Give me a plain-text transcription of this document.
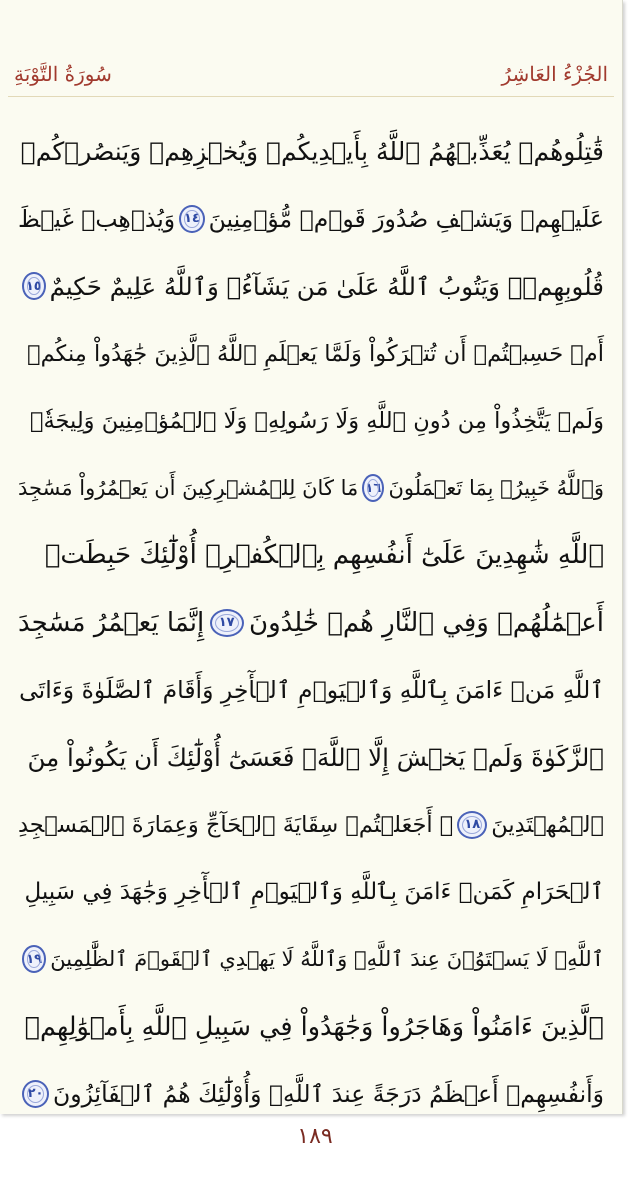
الجُزْءُ العَاشِرُ
سُورَةُ التَّوْبَةِ
قَٰتِلُوهُمۡ يُعَذِّبۡهُمُ ٱللَّهُ بِأَيۡدِيكُمۡ وَيُخۡزِهِمۡ وَيَنصُرۡكُمۡ
عَلَيۡهِمۡ وَيَشۡفِ صُدُورَ قَوۡمٖ مُّؤۡمِنِينَ
١٤
وَيُذۡهِبۡ غَيۡظَ
قُلُوبِهِمۡۗ وَيَتُوبُ ٱللَّهُ عَلَىٰ مَن يَشَآءُۗ وَٱللَّهُ عَلِيمٌ حَكِيمٌ
١٥
أَمۡ حَسِبۡتُمۡ أَن تُتۡرَكُواْ وَلَمَّا يَعۡلَمِ ٱللَّهُ ٱلَّذِينَ جَٰهَدُواْ مِنكُمۡ
وَلَمۡ يَتَّخِذُواْ مِن دُونِ ٱللَّهِ وَلَا رَسُولِهِۦ وَلَا ٱلۡمُؤۡمِنِينَ وَلِيجَةٗۚ
وَٱللَّهُ خَبِيرُۢ بِمَا تَعۡمَلُونَ
١٦
مَا كَانَ لِلۡمُشۡرِكِينَ أَن يَعۡمُرُواْ مَسَٰجِدَ
ٱللَّهِ شَٰهِدِينَ عَلَىٰٓ أَنفُسِهِم بِٱلۡكُفۡرِۚ أُوْلَٰٓئِكَ حَبِطَتۡ
أَعۡمَٰلُهُمۡ وَفِي ٱلنَّارِ هُمۡ خَٰلِدُونَ
١٧
إِنَّمَا يَعۡمُرُ مَسَٰجِدَ
ٱللَّهِ مَنۡ ءَامَنَ بِٱللَّهِ وَٱلۡيَوۡمِ ٱلۡأٓخِرِ وَأَقَامَ ٱلصَّلَوٰةَ وَءَاتَى
ٱلزَّكَوٰةَ وَلَمۡ يَخۡشَ إِلَّا ٱللَّهَۖ فَعَسَىٰٓ أُوْلَٰٓئِكَ أَن يَكُونُواْ مِنَ
ٱلۡمُهۡتَدِينَ
١٨
۞ أَجَعَلۡتُمۡ سِقَايَةَ ٱلۡحَآجِّ وَعِمَارَةَ ٱلۡمَسۡجِدِ
ٱلۡحَرَامِ كَمَنۡ ءَامَنَ بِٱللَّهِ وَٱلۡيَوۡمِ ٱلۡأٓخِرِ وَجَٰهَدَ فِي سَبِيلِ
ٱللَّهِۚ لَا يَسۡتَوُۥنَ عِندَ ٱللَّهِۗ وَٱللَّهُ لَا يَهۡدِي ٱلۡقَوۡمَ ٱلظَّٰلِمِينَ
١٩
ٱلَّذِينَ ءَامَنُواْ وَهَاجَرُواْ وَجَٰهَدُواْ فِي سَبِيلِ ٱللَّهِ بِأَمۡوَٰلِهِمۡ
وَأَنفُسِهِمۡ أَعۡظَمُ دَرَجَةً عِندَ ٱللَّهِۚ وَأُوْلَٰٓئِكَ هُمُ ٱلۡفَآئِزُونَ
٢٠
١٨٩
